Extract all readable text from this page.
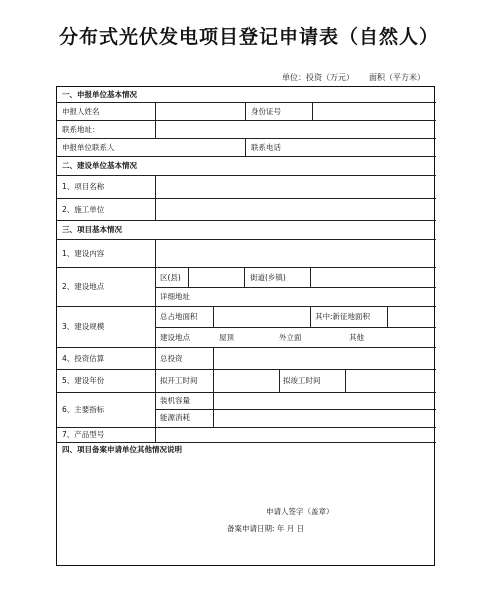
分布式光伏发电项目登记申请表（自然人）
单位：投资（万元） 面积（平方米）
一、申报单位基本情况
申报人姓名	身份证号
联系地址：
申报单位联系人	联系电话
二、建设单位基本情况
1、项目名称
2、施工单位
三、项目基本情况
1、建设内容
2、建设地点
区(县)	街道(乡镇)
详细地址
3、建设规模
总占地面积	其中:新征地面积
建设地点	屋顶	外立面	其他
4、投资估算	总投资
5、建设年份	拟开工时间	拟竣工时间
6、主要指标
装机容量
能源消耗
7、产品型号
四、项目备案申请单位其他情况说明
申请人签字（盖章）
备案申请日期: 年 月 日
